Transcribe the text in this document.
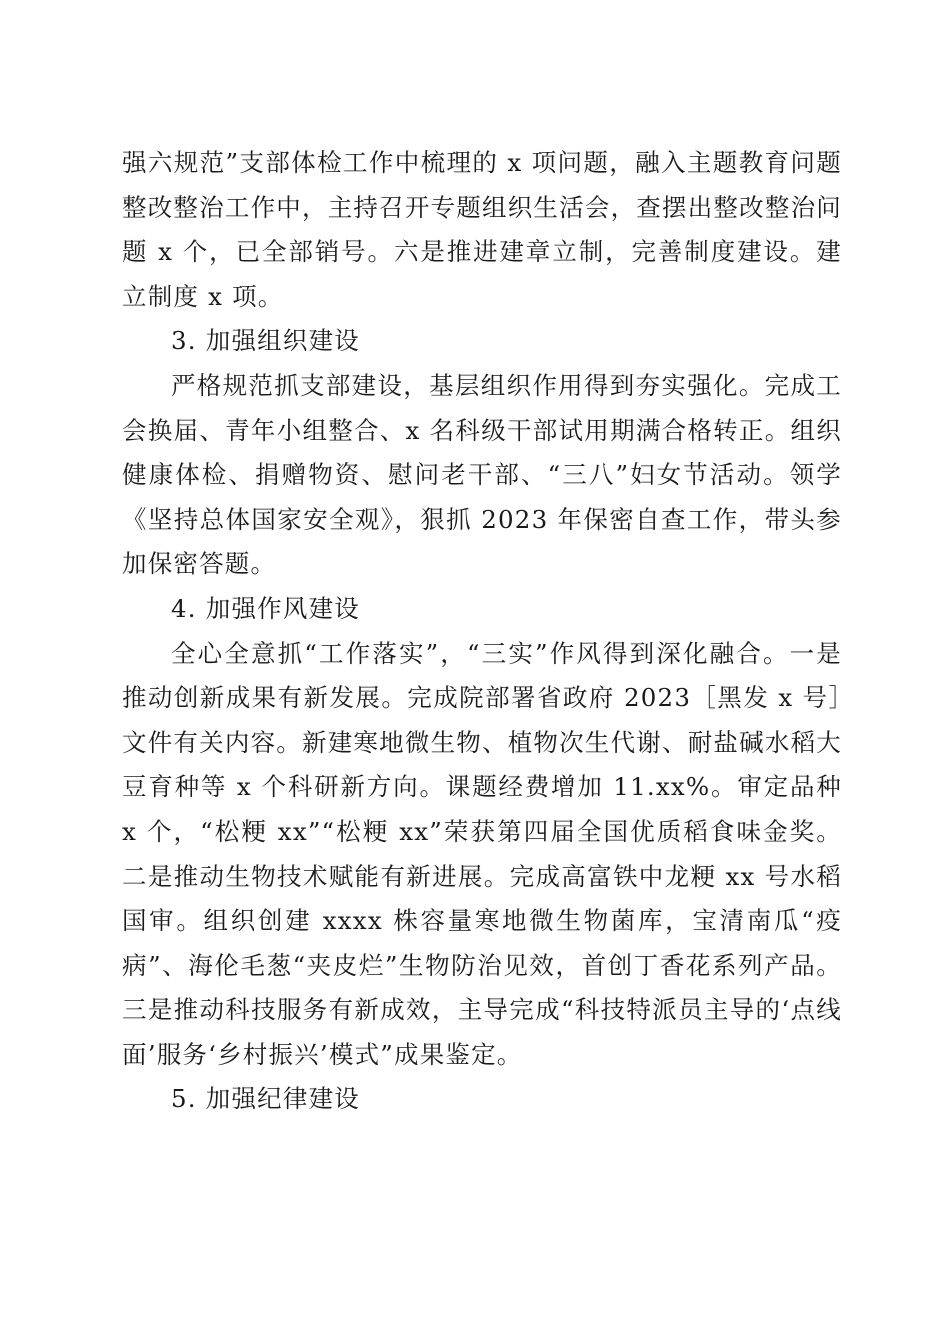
强六规范”支部体检工作中梳理的 x 项问题，融入主题教育问题整改整治工作中，主持召开专题组织生活会，查摆出整改整治问题 x 个，已全部销号。六是推进建章立制，完善制度建设。建立制度 x 项。

3. 加强组织建设

严格规范抓支部建设，基层组织作用得到夯实强化。完成工会换届、青年小组整合、x 名科级干部试用期满合格转正。组织健康体检、捐赠物资、慰问老干部、“三八”妇女节活动。领学《坚持总体国家安全观》，狠抓 2023 年保密自查工作，带头参加保密答题。

4. 加强作风建设

全心全意抓“工作落实”，“三实”作风得到深化融合。一是推动创新成果有新发展。完成院部署省政府 2023［黑发 x 号］文件有关内容。新建寒地微生物、植物次生代谢、耐盐碱水稻大豆育种等 x 个科研新方向。课题经费增加 11.xx%。审定品种 x 个，“松粳 xx”“松粳 xx”荣获第四届全国优质稻食味金奖。二是推动生物技术赋能有新进展。完成高富铁中龙粳 xx 号水稻国审。组织创建 xxxx 株容量寒地微生物菌库，宝清南瓜“疫病”、海伦毛葱“夹皮烂”生物防治见效，首创丁香花系列产品。三是推动科技服务有新成效，主导完成“科技特派员主导的‘点线面’服务‘乡村振兴’模式”成果鉴定。

5. 加强纪律建设
